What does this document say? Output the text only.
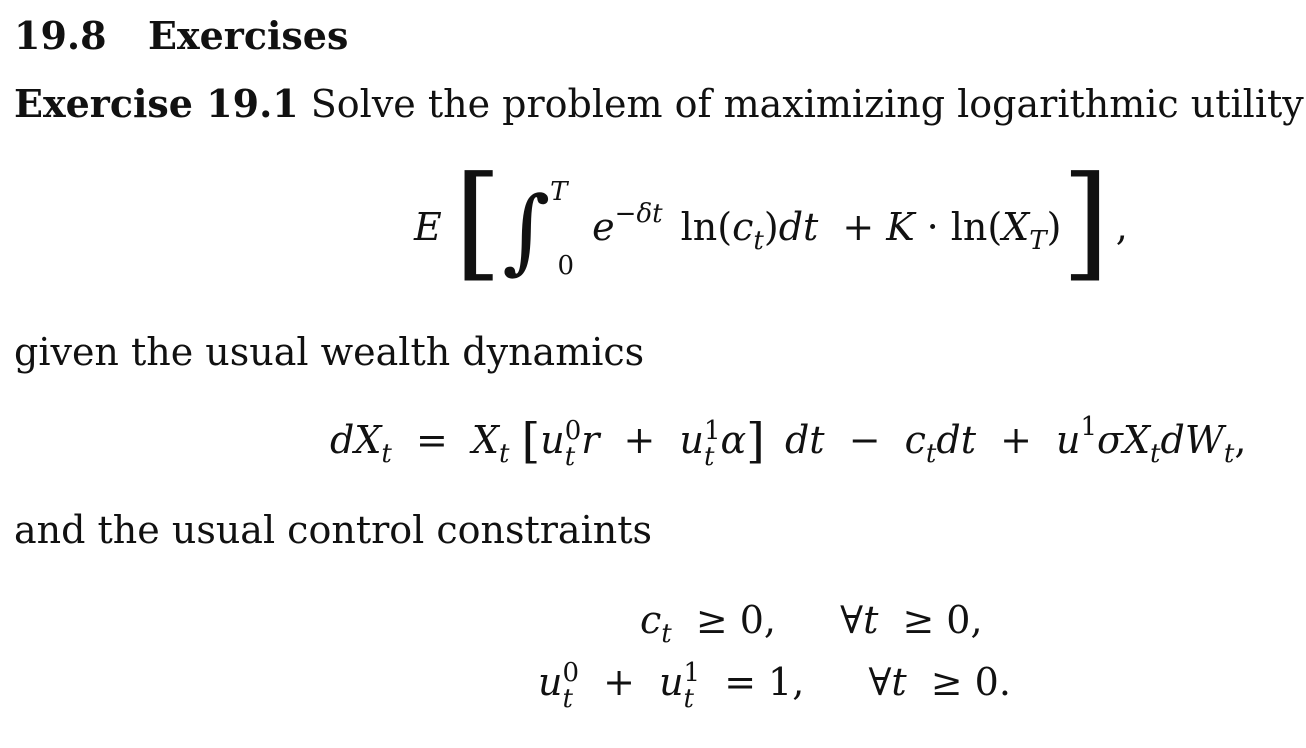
19.8 Exercises
Exercise 19.1 Solve the problem of maximizing logarithmic utility
E [∫$^T_0$ $e^{-\delta t}$ $\ln(c_t)dt + K \cdot \ln(X_T)$] ,
given the usual wealth dynamics
$dX_t = X_t$ [u 0
t r + u 1
t α] dt − $c_tdt + u^1\sigma X_tdW_t$,
and the usual control constraints
$c_t \ge 0$, ∀t ≥ 0,
u 0
t + u 1
t = 1, ∀t ≥ 0.
